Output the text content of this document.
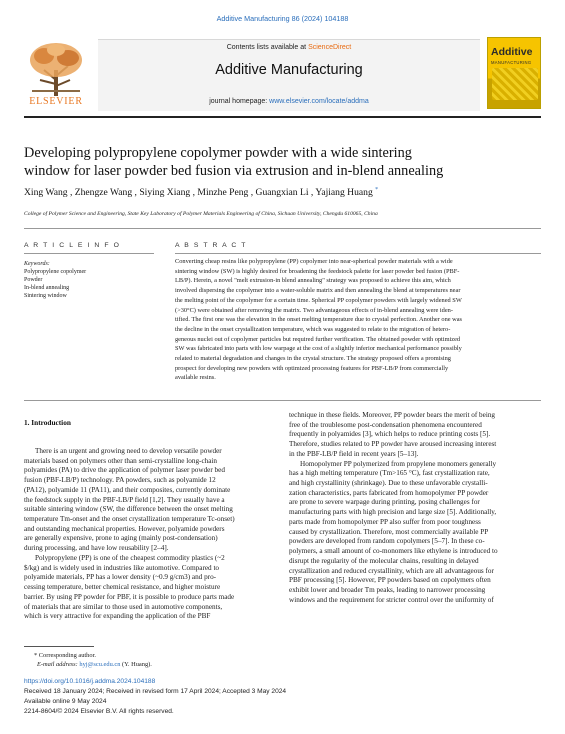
Additive Manufacturing 86 (2024) 104188
ELSEVIER
Contents lists available at ScienceDirect
Additive Manufacturing
journal homepage: www.elsevier.com/locate/addma
Additive
MANUFACTURING
Developing polypropylene copolymer powder with a wide sintering
window for laser powder bed fusion via extrusion and in-blend annealing
Xing Wang , Zhengze Wang , Siying Xiang , Minzhe Peng , Guangxian Li , Yajiang Huang *
College of Polymer Science and Engineering, State Key Laboratory of Polymer Materials Engineering of China, Sichuan University, Chengdu 610065, China
A R T I C L E I N F O	A B S T R A C T
Keywords:
Polypropylene copolymer
Powder
In-blend annealing
Sintering window
Converting cheap resins like polypropylene (PP) copolymer into near-spherical powder materials with a wide
sintering window (SW) is highly desired for broadening the feedstock palette for laser powder bed fusion (PBF-
LB/P). Herein, a novel "melt extrusion-in blend annealing" strategy was proposed to achieve this aim, which
involved dispersing the copolymer into a water-soluble matrix and then annealing the blend at temperatures near
the melting point of the copolymer for a certain time. Spherical PP copolymer powders with largely widened SW
(>30°C) were obtained after removing the matrix. Two advantageous effects of in-blend annealing were iden-
tified. The first one was the elevation in the onset melting temperature due to crystal perfection. Another one was
the decline in the onset crystallization temperature, which was suggested to relate to the migration of hetero-
geneous nuclei out of copolymer particles but required further verification. The obtained powder with optimized
SW was fabricated into parts with low warpage at the cost of a slightly inferior mechanical performance possibly
related to material degradation and changes in the crystal structure. The strategy proposed offers a promising
prospect for developing new powders with optimized processing features for PBF-LB/P from commercially
available resins.
1. Introduction
There is an urgent and growing need to develop versatile powder
materials based on polymers other than semi-crystalline long-chain
polyamides (PA) to drive the application of polymer laser powder bed
fusion (PBF-LB/P) technology. PA powders, such as polyamide 12
(PA12), polyamide 11 (PA11), and their composites, currently dominate
the feedstock supply in the PBF-LB/P field [1,2]. They usually have a
suitable sintering window (SW, the difference between the onset melting
temperature Tm-onset and the onset crystallization temperature Tc-onset)
and outstanding mechanical properties. However, polyamide powders
are generally expensive, prone to aging (mainly post-condensation)
during processing, and have low reusability [2–4].
Polypropylene (PP) is one of the cheapest commodity plastics (~2
$/kg) and is widely used in industries like automotive. Compared to
polyamide materials, PP has a lower density (~0.9 g/cm3) and pro-
cessing temperature, better chemical resistance, and higher moisture
barrier. By using PP powder for PBF, it is possible to produce parts made
of materials that are similar to those used in automotive components,
which is very attractive for expanding the application of the PBF
technique in these fields. Moreover, PP powder bears the merit of being
free of the troublesome post-condensation phenomena encountered
frequently in polyamides [3], which helps to reduce printing costs [5].
Therefore, studies related to PP powder have aroused increasing interest
in the PBF-LB/P field in recent years [5–13].
Homopolymer PP polymerized from propylene monomers generally
has a high melting temperature (Tm>165 °C), fast crystallization rate,
and high crystallinity (shrinkage). Due to these unfavorable crystalli-
zation characteristics, parts fabricated from homopolymer PP powder
are prone to severe warpage during printing, posing challenges for
manufacturing parts with high precision and large size [5]. Additionally,
parts made from homopolymer PP also suffer from poor toughness
caused by crystallization. Therefore, most commercially available PP
powders are developed from random copolymers [5–7]. In these co-
polymers, a small amount of co-monomers like ethylene is introduced to
disrupt the regularity of the molecular chains, resulting in delayed
crystallization and reduced crystallinity, which are all advantageous for
PBF processing [5]. However, PP powders based on copolymers often
exhibit lower and broader Tm peaks, leading to narrower processing
windows and the requirement for stricter control over the uniformity of
* Corresponding author.
E-mail address: hyj@scu.edu.cn (Y. Huang).
https://doi.org/10.1016/j.addma.2024.104188
Received 18 January 2024; Received in revised form 17 April 2024; Accepted 3 May 2024
Available online 9 May 2024
2214-8604/© 2024 Elsevier B.V. All rights reserved.
